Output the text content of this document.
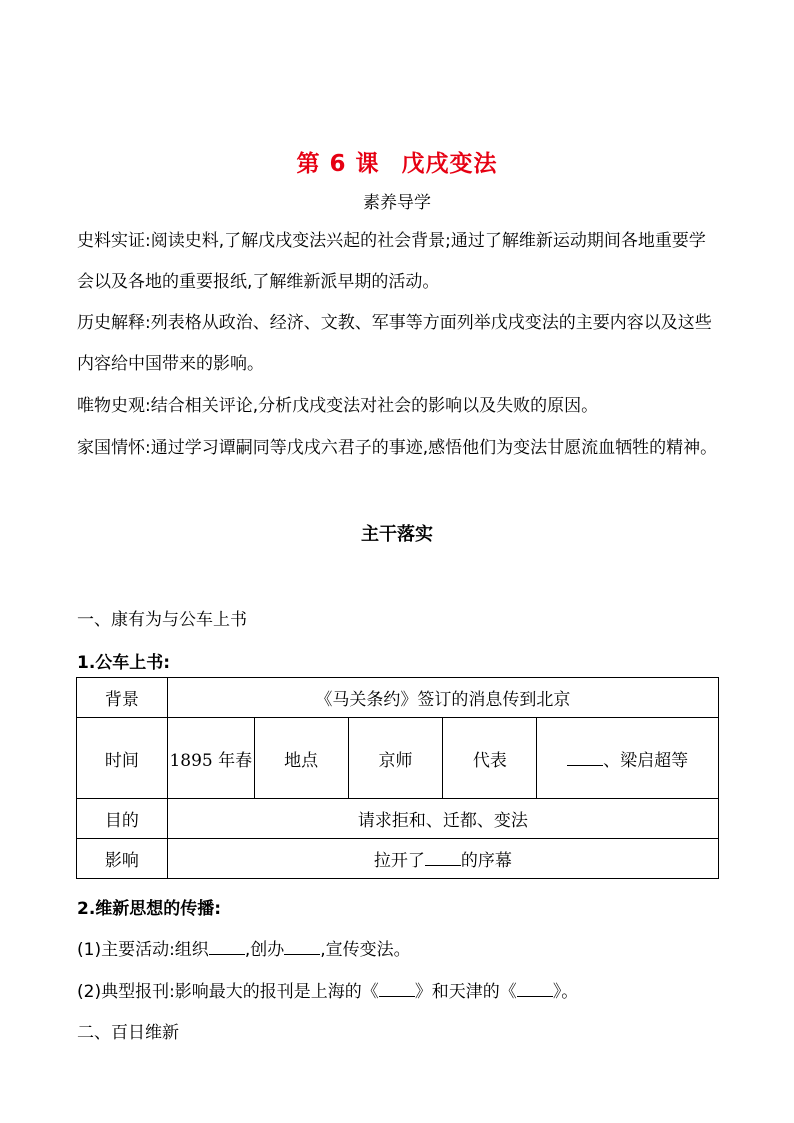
第 6 课 戊戌变法
素养导学

史料实证:阅读史料,了解戊戌变法兴起的社会背景;通过了解维新运动期间各地重要学会以及各地的重要报纸,了解维新派早期的活动。

历史解释:列表格从政治、经济、文教、军事等方面列举戊戌变法的主要内容以及这些内容给中国带来的影响。

唯物史观:结合相关评论,分析戊戌变法对社会的影响以及失败的原因。

家国情怀:通过学习谭嗣同等戊戌六君子的事迹,感悟他们为变法甘愿流血牺牲的精神。

主干落实
一、康有为与公车上书
1.公车上书:
背景	《马关条约》签订的消息传到北京				
时间	1895 年春	地点	京师	代表	、梁启超等
目的	请求拒和、迁都、变法				
影响	拉开了 的序幕				
2.维新思想的传播:
(1)主要活动:组织 ,创办 ,宣传变法。
(2)典型报刊:影响最大的报刊是上海的《 》和天津的《 》。
二、百日维新
